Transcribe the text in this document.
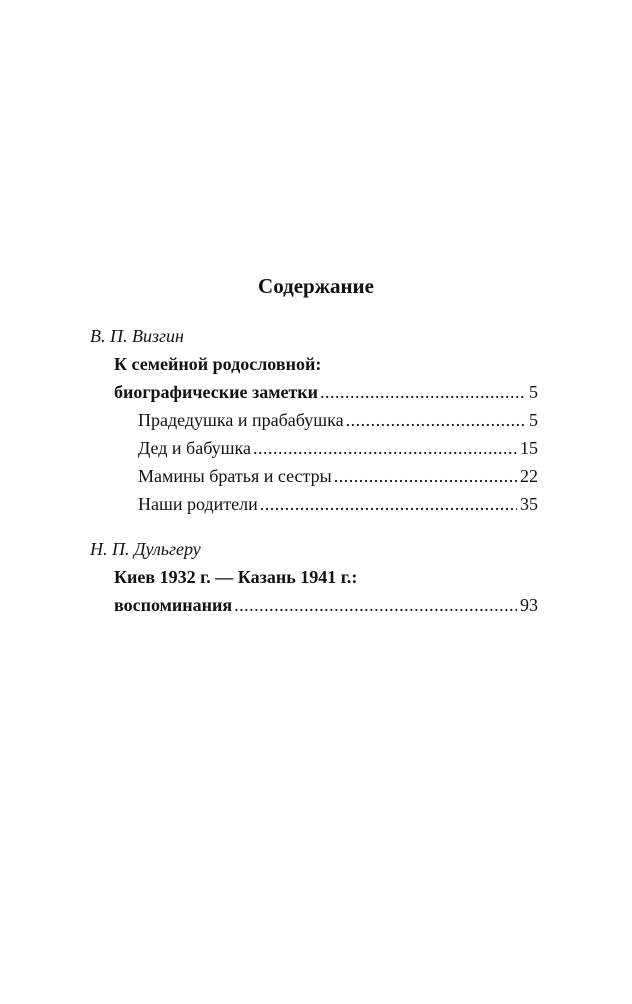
Содержание
В. П. Визгин
К семейной родословной:
биографические заметки .....	5
Прадедушка и прабабушка .....	5
Дед и бабушка .....	15
Мамины братья и сестры .....	22
Наши родители .....	35
Н. П. Дульгеру
Киев 1932 г. — Казань 1941 г.:
воспоминания .....	93
